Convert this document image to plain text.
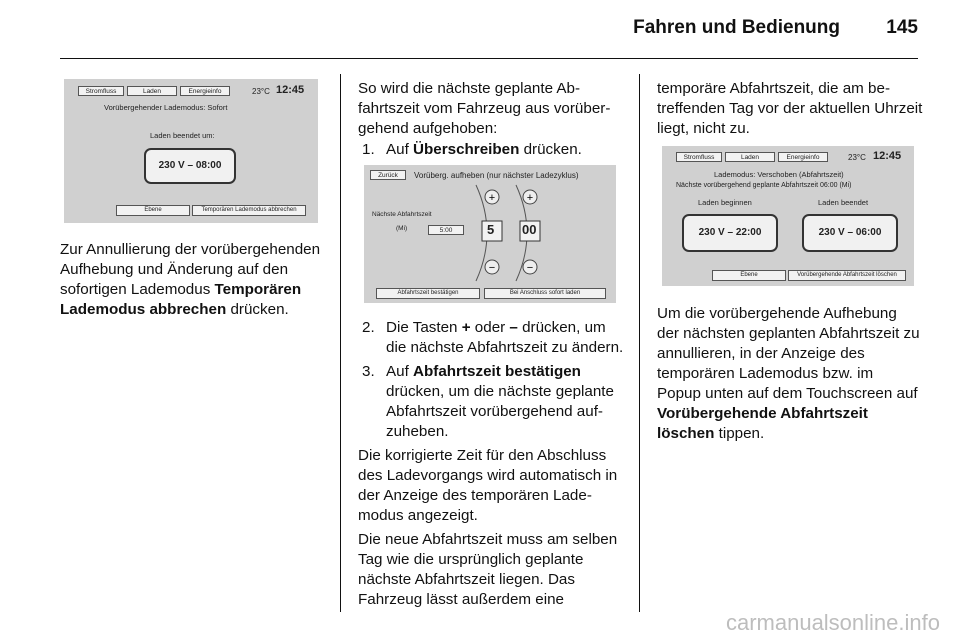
Fahren und Bedienung 145
Stromfluss	Laden	Energieinfo	23°C 12:45
Vorübergehender Lademodus: Sofort
Laden beendet um:
230 V – 08:00
Ebene	Temporären Lademodus abbrechen

Zur Annullierung der vorübergehenden Aufhebung und Änderung auf den sofortigen Lademodus Temporären Lademodus abbrechen drücken.

So wird die nächste geplante Abfahrtszeit vom Fahrzeug aus vorübergehend aufgehoben:

1. Auf Überschreiben drücken.
Zurück	Vorüberg. aufheben (nur nächster Ladezyklus)
Nächste Abfahrtszeit
(Mi)	5:00
+	+
−	−
5 00
Abfahrtszeit bestätigen	Bei Anschluss sofort laden
2. Die Tasten + oder – drücken, um die nächste Abfahrtszeit zu ändern.
3. Auf Abfahrtszeit bestätigen drücken, um die nächste geplante Abfahrtszeit vorübergehend aufzuheben.

Die korrigierte Zeit für den Abschluss des Ladevorgangs wird automatisch in der Anzeige des temporären Lademodus angezeigt.

Die neue Abfahrtszeit muss am selben Tag wie die ursprünglich geplante nächste Abfahrtszeit liegen. Das Fahrzeug lässt außerdem eine

temporäre Abfahrtszeit, die am betreffenden Tag vor der aktuellen Uhrzeit liegt, nicht zu.

Stromfluss	Laden	Energieinfo	23°C 12:45
Lademodus: Verschoben (Abfahrtszeit)
Nächste vorübergehend geplante Abfahrtszeit 06:00 (Mi)
Laden beginnen	Laden beendet
230 V – 22:00	230 V – 06:00
Ebene	Vorübergehende Abfahrtszeit löschen

Um die vorübergehende Aufhebung der nächsten geplanten Abfahrtszeit zu annullieren, in der Anzeige des temporären Lademodus bzw. im Popup unten auf dem Touchscreen auf Vorübergehende Abfahrtszeit löschen tippen.

carmanualsonline.info
